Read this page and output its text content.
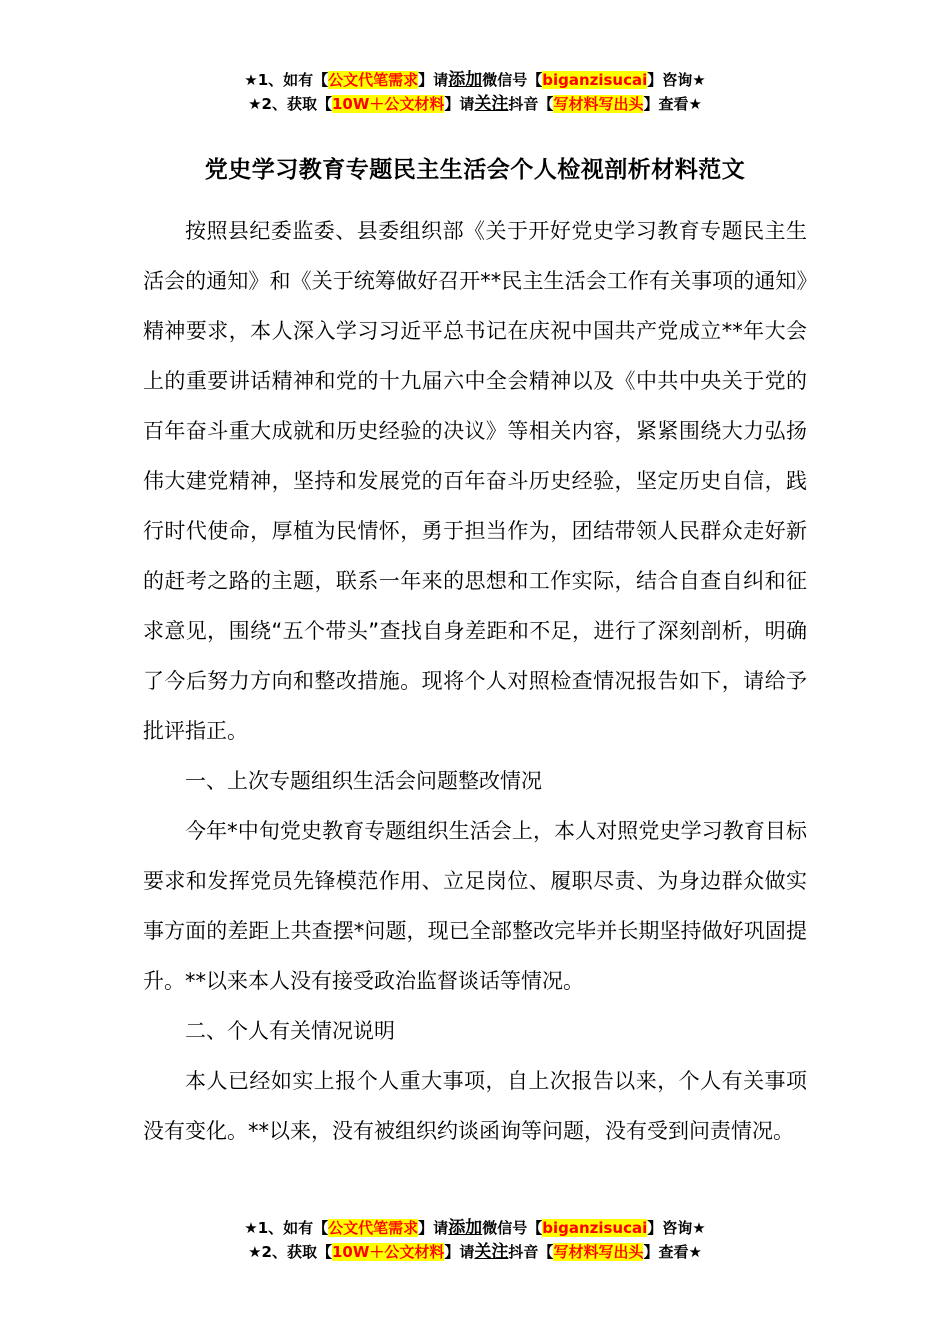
★1、如有【公文代笔需求】请添加微信号【biganzisucai】咨询★
★2、获取【10W＋公文材料】请关注抖音【写材料写出头】查看★
党史学习教育专题民主生活会个人检视剖析材料范文

按照县纪委监委、县委组织部《关于开好党史学习教育专题民主生活会的通知》和《关于统筹做好召开**民主生活会工作有关事项的通知》精神要求，本人深入学习习近平总书记在庆祝中国共产党成立**年大会上的重要讲话精神和党的十九届六中全会精神以及《中共中央关于党的百年奋斗重大成就和历史经验的决议》等相关内容，紧紧围绕大力弘扬伟大建党精神，坚持和发展党的百年奋斗历史经验，坚定历史自信，践行时代使命，厚植为民情怀，勇于担当作为，团结带领人民群众走好新的赶考之路的主题，联系一年来的思想和工作实际，结合自查自纠和征求意见，围绕“五个带头”查找自身差距和不足，进行了深刻剖析，明确了今后努力方向和整改措施。现将个人对照检查情况报告如下，请给予批评指正。

一、上次专题组织生活会问题整改情况

今年*中旬党史教育专题组织生活会上，本人对照党史学习教育目标要求和发挥党员先锋模范作用、立足岗位、履职尽责、为身边群众做实事方面的差距上共查摆*问题，现已全部整改完毕并长期坚持做好巩固提升。**以来本人没有接受政治监督谈话等情况。

二、个人有关情况说明

本人已经如实上报个人重大事项，自上次报告以来，个人有关事项没有变化。**以来，没有被组织约谈函询等问题，没有受到问责情况。

★1、如有【公文代笔需求】请添加微信号【biganzisucai】咨询★
★2、获取【10W＋公文材料】请关注抖音【写材料写出头】查看★
